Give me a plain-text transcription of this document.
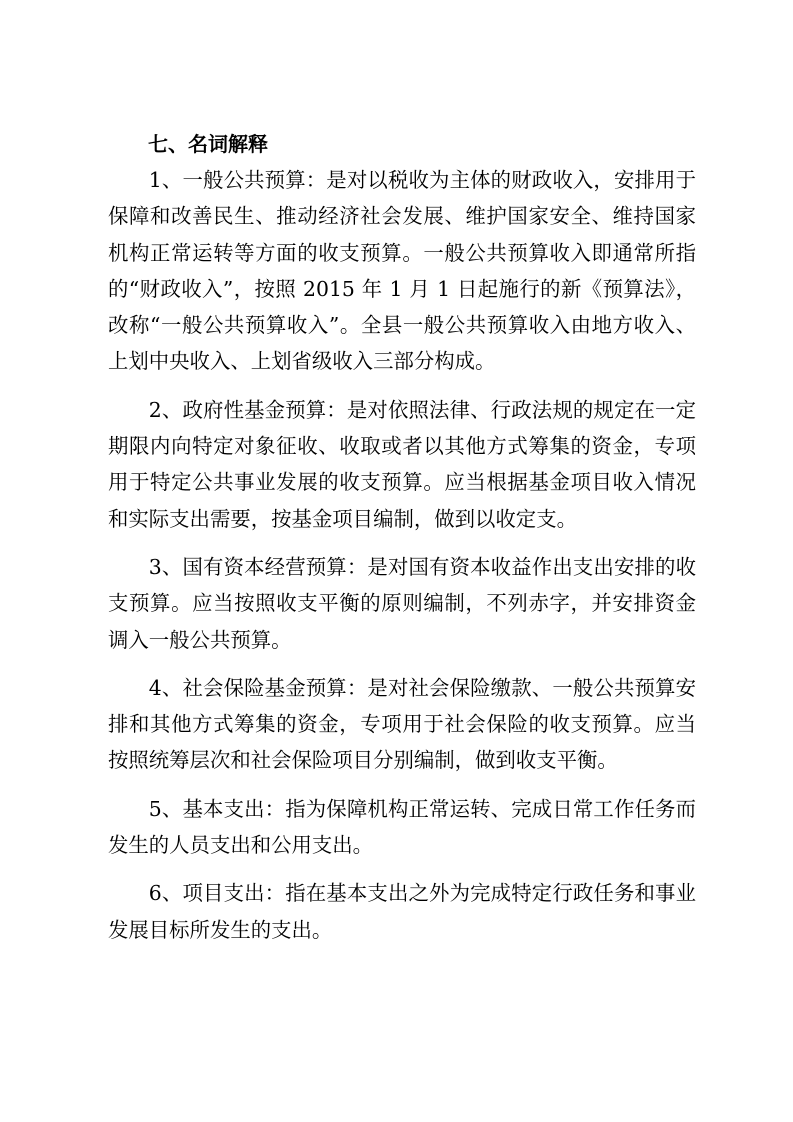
七、名词解释

1、一般公共预算：是对以税收为主体的财政收入，安排用于保障和改善民生、推动经济社会发展、维护国家安全、维持国家机构正常运转等方面的收支预算。一般公共预算收入即通常所指的“财政收入”，按照 2015 年 1 月 1 日起施行的新《预算法》，改称“一般公共预算收入”。全县一般公共预算收入由地方收入、上划中央收入、上划省级收入三部分构成。

2、政府性基金预算：是对依照法律、行政法规的规定在一定期限内向特定对象征收、收取或者以其他方式筹集的资金，专项用于特定公共事业发展的收支预算。应当根据基金项目收入情况和实际支出需要，按基金项目编制，做到以收定支。

3、国有资本经营预算：是对国有资本收益作出支出安排的收支预算。应当按照收支平衡的原则编制，不列赤字，并安排资金调入一般公共预算。

4、社会保险基金预算：是对社会保险缴款、一般公共预算安排和其他方式筹集的资金，专项用于社会保险的收支预算。应当按照统筹层次和社会保险项目分别编制，做到收支平衡。

5、基本支出：指为保障机构正常运转、完成日常工作任务而发生的人员支出和公用支出。

6、项目支出：指在基本支出之外为完成特定行政任务和事业发展目标所发生的支出。
